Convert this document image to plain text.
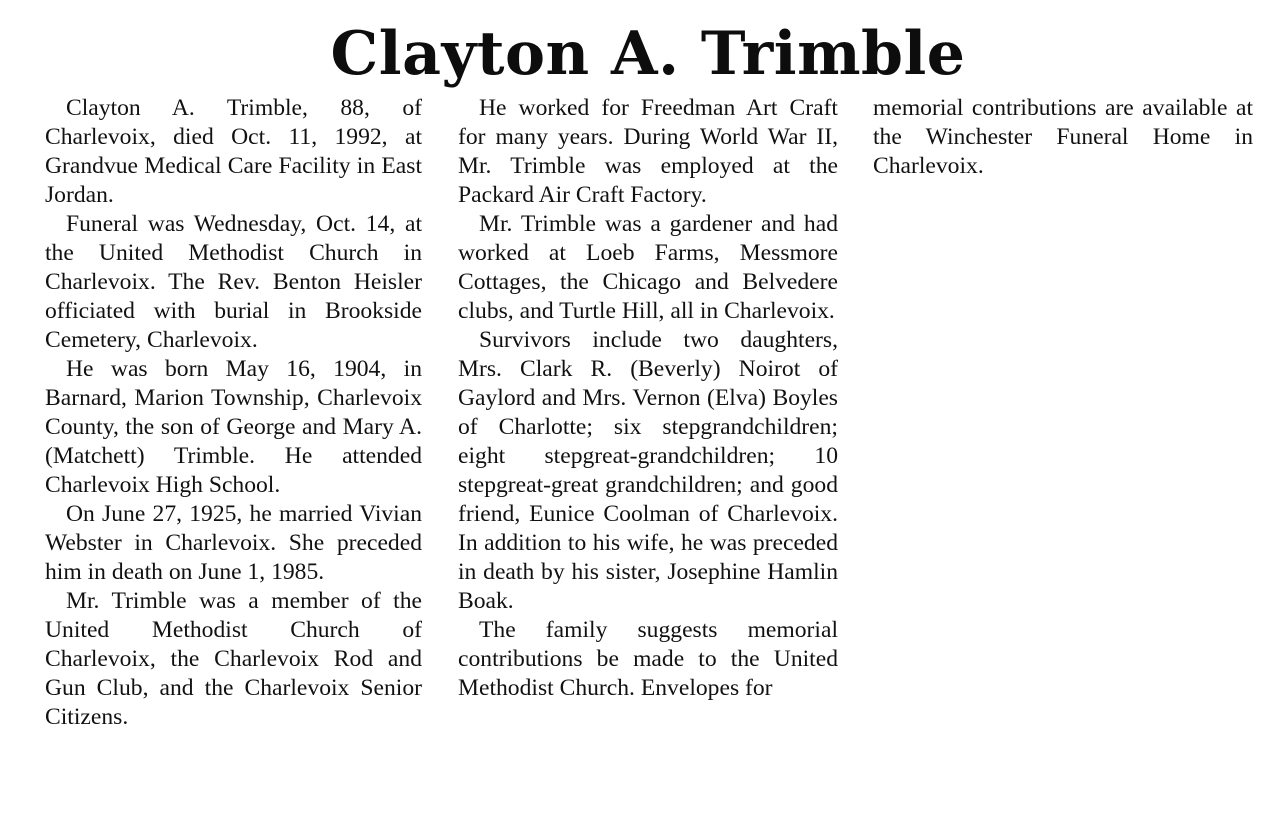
Clayton A. Trimble

Clayton A. Trimble, 88, of Charlevoix, died Oct. 11, 1992, at Grandvue Medical Care Facility in East Jordan.

Funeral was Wednesday, Oct. 14, at the United Methodist Church in Charlevoix. The Rev. Benton Heisler officiated with burial in Brookside Cemetery, Charlevoix.

He was born May 16, 1904, in Barnard, Marion Township, Charlevoix County, the son of George and Mary A. (Matchett) Trimble. He attended Charlevoix High School.

On June 27, 1925, he married Vivian Webster in Charlevoix. She preceded him in death on June 1, 1985.

Mr. Trimble was a member of the United Methodist Church of Charlevoix, the Charlevoix Rod and Gun Club, and the Charlevoix Senior Citizens.

He worked for Freedman Art Craft for many years. During World War II, Mr. Trimble was employed at the Packard Air Craft Factory.

Mr. Trimble was a gardener and had worked at Loeb Farms, Messmore Cottages, the Chicago and Belvedere clubs, and Turtle Hill, all in Charlevoix.

Survivors include two daughters, Mrs. Clark R. (Beverly) Noirot of Gaylord and Mrs. Vernon (Elva) Boyles of Charlotte; six stepgrandchildren; eight stepgreat-grandchildren; 10 stepgreat-great grandchildren; and good friend, Eunice Coolman of Charlevoix. In addition to his wife, he was preceded in death by his sister, Josephine Hamlin Boak.

The family suggests memorial contributions be made to the United Methodist Church. Envelopes for

memorial contributions are available at the Winchester Funeral Home in Charlevoix.
